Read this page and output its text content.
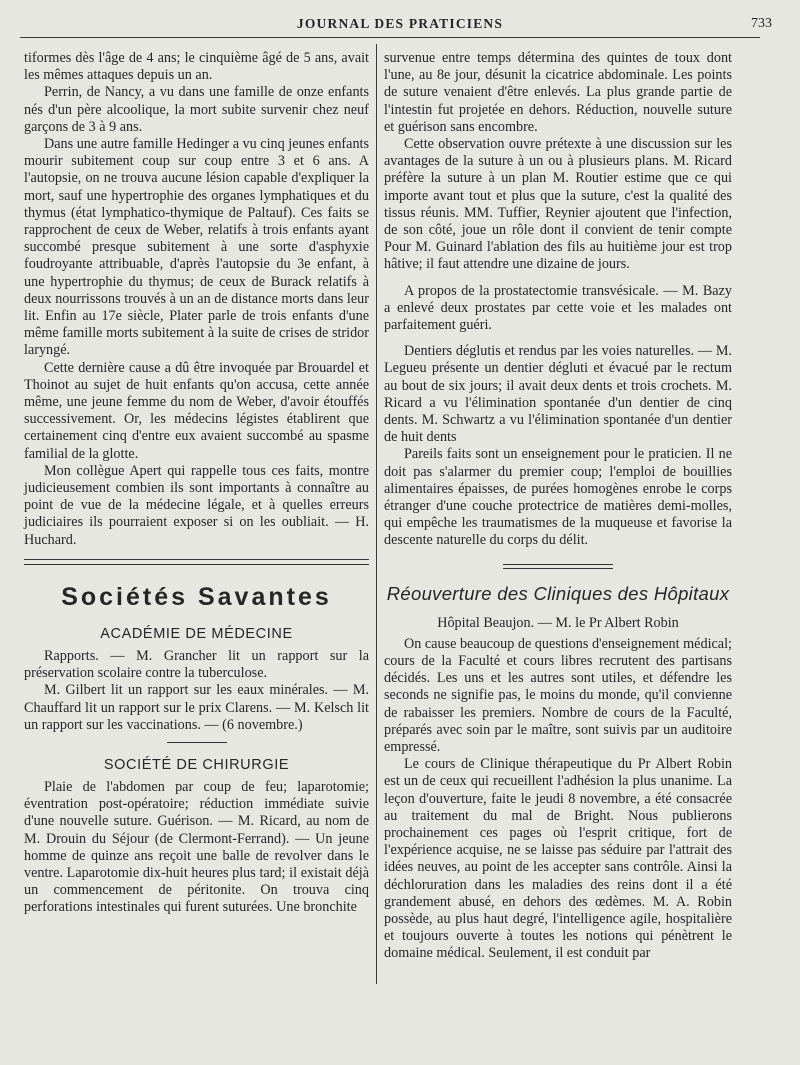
JOURNAL DES PRATICIENS	733

tiformes dès l'âge de 4 ans; le cinquième âgé de 5 ans, avait les mêmes attaques depuis un an.

Perrin, de Nancy, a vu dans une famille de onze enfants nés d'un père alcoolique, la mort subite survenir chez neuf garçons de 3 à 9 ans.

Dans une autre famille Hedinger a vu cinq jeunes enfants mourir subitement coup sur coup entre 3 et 6 ans. A l'autopsie, on ne trouva aucune lésion capable d'expliquer la mort, sauf une hypertrophie des organes lymphatiques et du thymus (état lymphatico-thymique de Paltauf). Ces faits se rapprochent de ceux de Weber, relatifs à trois enfants ayant succombé presque subitement à une sorte d'asphyxie foudroyante attribuable, d'après l'autopsie du 3e enfant, à une hypertrophie du thymus; de ceux de Burack relatifs à deux nourrissons trouvés à un an de distance morts dans leur lit. Enfin au 17e siècle, Plater parle de trois enfants d'une même famille morts subitement à la suite de crises de stridor laryngé.

Cette dernière cause a dû être invoquée par Brouardel et Thoinot au sujet de huit enfants qu'on accusa, cette année même, une jeune femme du nom de Weber, d'avoir étouffés successivement. Or, les médecins légistes établirent que certainement cinq d'entre eux avaient succombé au spasme familial de la glotte.

Mon collègue Apert qui rappelle tous ces faits, montre judicieusement combien ils sont importants à connaître au point de vue de la médecine légale, et à quelles erreurs judiciaires ils pourraient exposer si on les oubliait. — H. Huchard.

Sociétés Savantes
ACADÉMIE DE MÉDECINE

Rapports. — M. Grancher lit un rapport sur la préservation scolaire contre la tuberculose.

M. Gilbert lit un rapport sur les eaux minérales. — M. Chauffard lit un rapport sur le prix Clarens. — M. Kelsch lit un rapport sur les vaccinations. — (6 novembre.)

SOCIÉTÉ DE CHIRURGIE

Plaie de l'abdomen par coup de feu; laparotomie; éventration post-opératoire; réduction immédiate suivie d'une nouvelle suture. Guérison. — M. Ricard, au nom de M. Drouin du Séjour (de Clermont-Ferrand). — Un jeune homme de quinze ans reçoit une balle de revolver dans le ventre. Laparotomie dix-huit heures plus tard; il existait déjà un commencement de péritonite. On trouva cinq perforations intestinales qui furent suturées. Une bronchite

survenue entre temps détermina des quintes de toux dont l'une, au 8e jour, désunit la cicatrice abdominale. Les points de suture venaient d'être enlevés. La plus grande partie de l'intestin fut projetée en dehors. Réduction, nouvelle suture et guérison sans encombre.

Cette observation ouvre prétexte à une discussion sur les avantages de la suture à un ou à plusieurs plans. M. Ricard préfère la suture à un plan M. Routier estime que ce qui importe avant tout et plus que la suture, c'est la qualité des tissus réunis. MM. Tuffier, Reynier ajoutent que l'infection, de son côté, joue un rôle dont il convient de tenir compte Pour M. Guinard l'ablation des fils au huitième jour est trop hâtive; il faut attendre une dizaine de jours.

A propos de la prostatectomie transvésicale. — M. Bazy a enlevé deux prostates par cette voie et les malades ont parfaitement guéri.

Dentiers déglutis et rendus par les voies naturelles. — M. Legueu présente un dentier dégluti et évacué par le rectum au bout de six jours; il avait deux dents et trois crochets. M. Ricard a vu l'élimination spontanée d'un dentier de cinq dents. M. Schwartz a vu l'élimination spontanée d'un dentier de huit dents

Pareils faits sont un enseignement pour le praticien. Il ne doit pas s'alarmer du premier coup; l'emploi de bouillies alimentaires épaisses, de purées homogènes enrobe le corps étranger d'une couche protectrice de matières demi-molles, qui empêche les traumatismes de la muqueuse et favorise la descente naturelle du corps du délit.

Réouverture des Cliniques des Hôpitaux
Hôpital Beaujon. — M. le Pr Albert Robin

On cause beaucoup de questions d'enseignement médical; cours de la Faculté et cours libres recrutent des partisans décidés. Les uns et les autres sont utiles, et défendre les seconds ne signifie pas, le moins du monde, qu'il convienne de rabaisser les premiers. Nombre de cours de la Faculté, préparés avec soin par le maître, sont suivis par un auditoire empressé.

Le cours de Clinique thérapeutique du Pr Albert Robin est un de ceux qui recueillent l'adhésion la plus unanime. La leçon d'ouverture, faite le jeudi 8 novembre, a été consacrée au traitement du mal de Bright. Nous publierons prochainement ces pages où l'esprit critique, fort de l'expérience acquise, ne se laisse pas séduire par l'attrait des idées neuves, au point de les accepter sans contrôle. Ainsi la déchloruration dans les maladies des reins dont il a été grandement abusé, en dehors des œdèmes. M. A. Robin possède, au plus haut degré, l'intelligence agile, hospitalière et toujours ouverte à toutes les notions qui pénètrent le domaine médical. Seulement, il est conduit par
